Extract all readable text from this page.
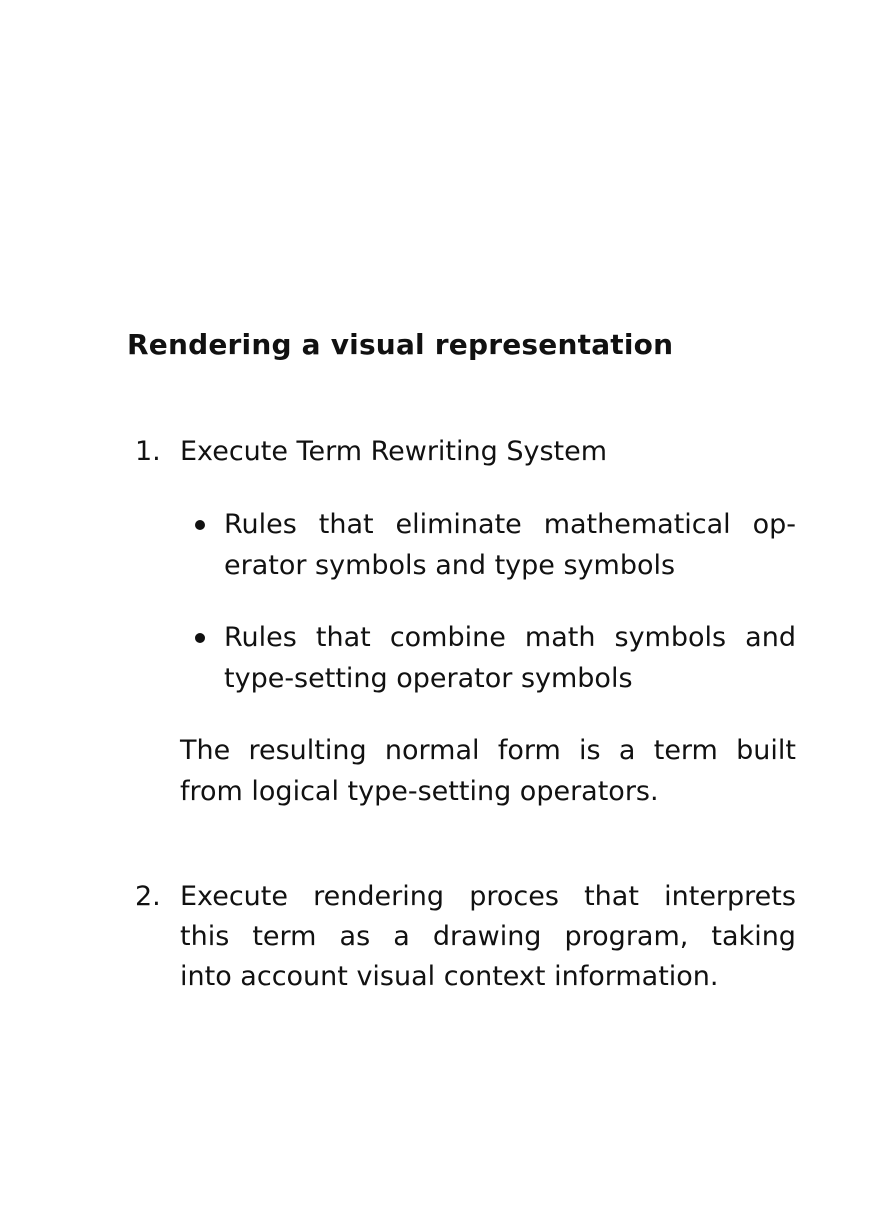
Rendering a visual representation
1. Execute Term Rewriting System
Rules that eliminate mathematical op-
erator symbols and type symbols
Rules that combine math symbols and
type-setting operator symbols
The resulting normal form is a term built
from logical type-setting operators.
2. Execute rendering proces that interprets
this term as a drawing program, taking
into account visual context information.
